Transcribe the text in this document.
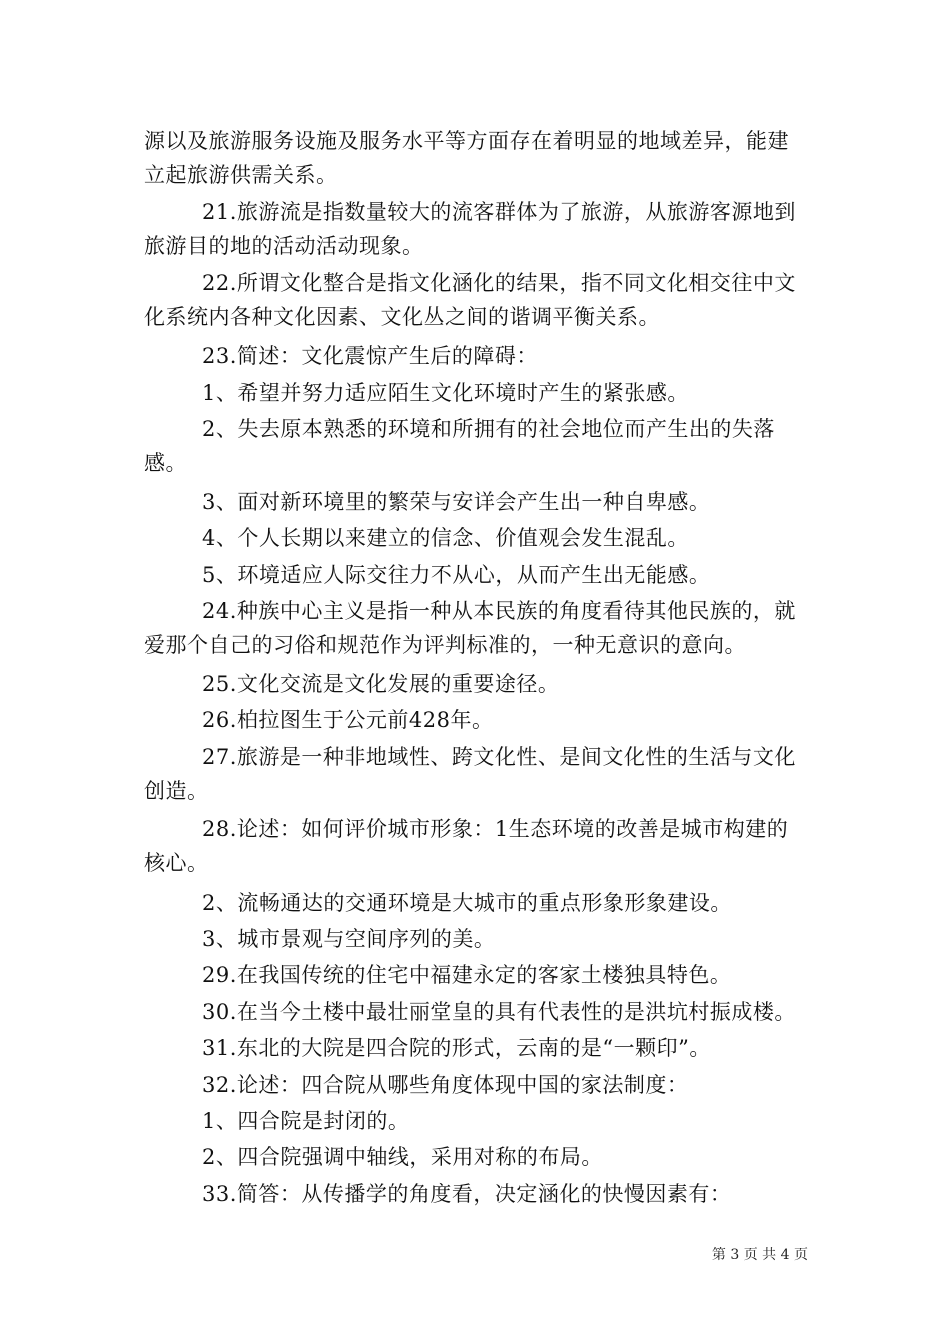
源以及旅游服务设施及服务水平等方面存在着明显的地域差异，能建立起旅游供需关系。

21.旅游流是指数量较大的流客群体为了旅游，从旅游客源地到旅游目的地的活动活动现象。

22.所谓文化整合是指文化涵化的结果，指不同文化相交往中文化系统内各种文化因素、文化丛之间的谐调平衡关系。

23.简述：文化震惊产生后的障碍：

1、希望并努力适应陌生文化环境时产生的紧张感。

2、失去原本熟悉的环境和所拥有的社会地位而产生出的失落感。

3、面对新环境里的繁荣与安详会产生出一种自卑感。

4、个人长期以来建立的信念、价值观会发生混乱。

5、环境适应人际交往力不从心，从而产生出无能感。

24.种族中心主义是指一种从本民族的角度看待其他民族的，就爱那个自己的习俗和规范作为评判标准的，一种无意识的意向。

25.文化交流是文化发展的重要途径。

26.柏拉图生于公元前428年。

27.旅游是一种非地域性、跨文化性、是间文化性的生活与文化创造。

28.论述：如何评价城市形象：1生态环境的改善是城市构建的核心。

2、流畅通达的交通环境是大城市的重点形象形象建设。

3、城市景观与空间序列的美。

29.在我国传统的住宅中福建永定的客家土楼独具特色。

30.在当今土楼中最壮丽堂皇的具有代表性的是洪坑村振成楼。

31.东北的大院是四合院的形式，云南的是“一颗印”。

32.论述：四合院从哪些角度体现中国的家法制度：

1、四合院是封闭的。

2、四合院强调中轴线，采用对称的布局。

33.简答：从传播学的角度看，决定涵化的快慢因素有：

第 3 页 共 4 页
